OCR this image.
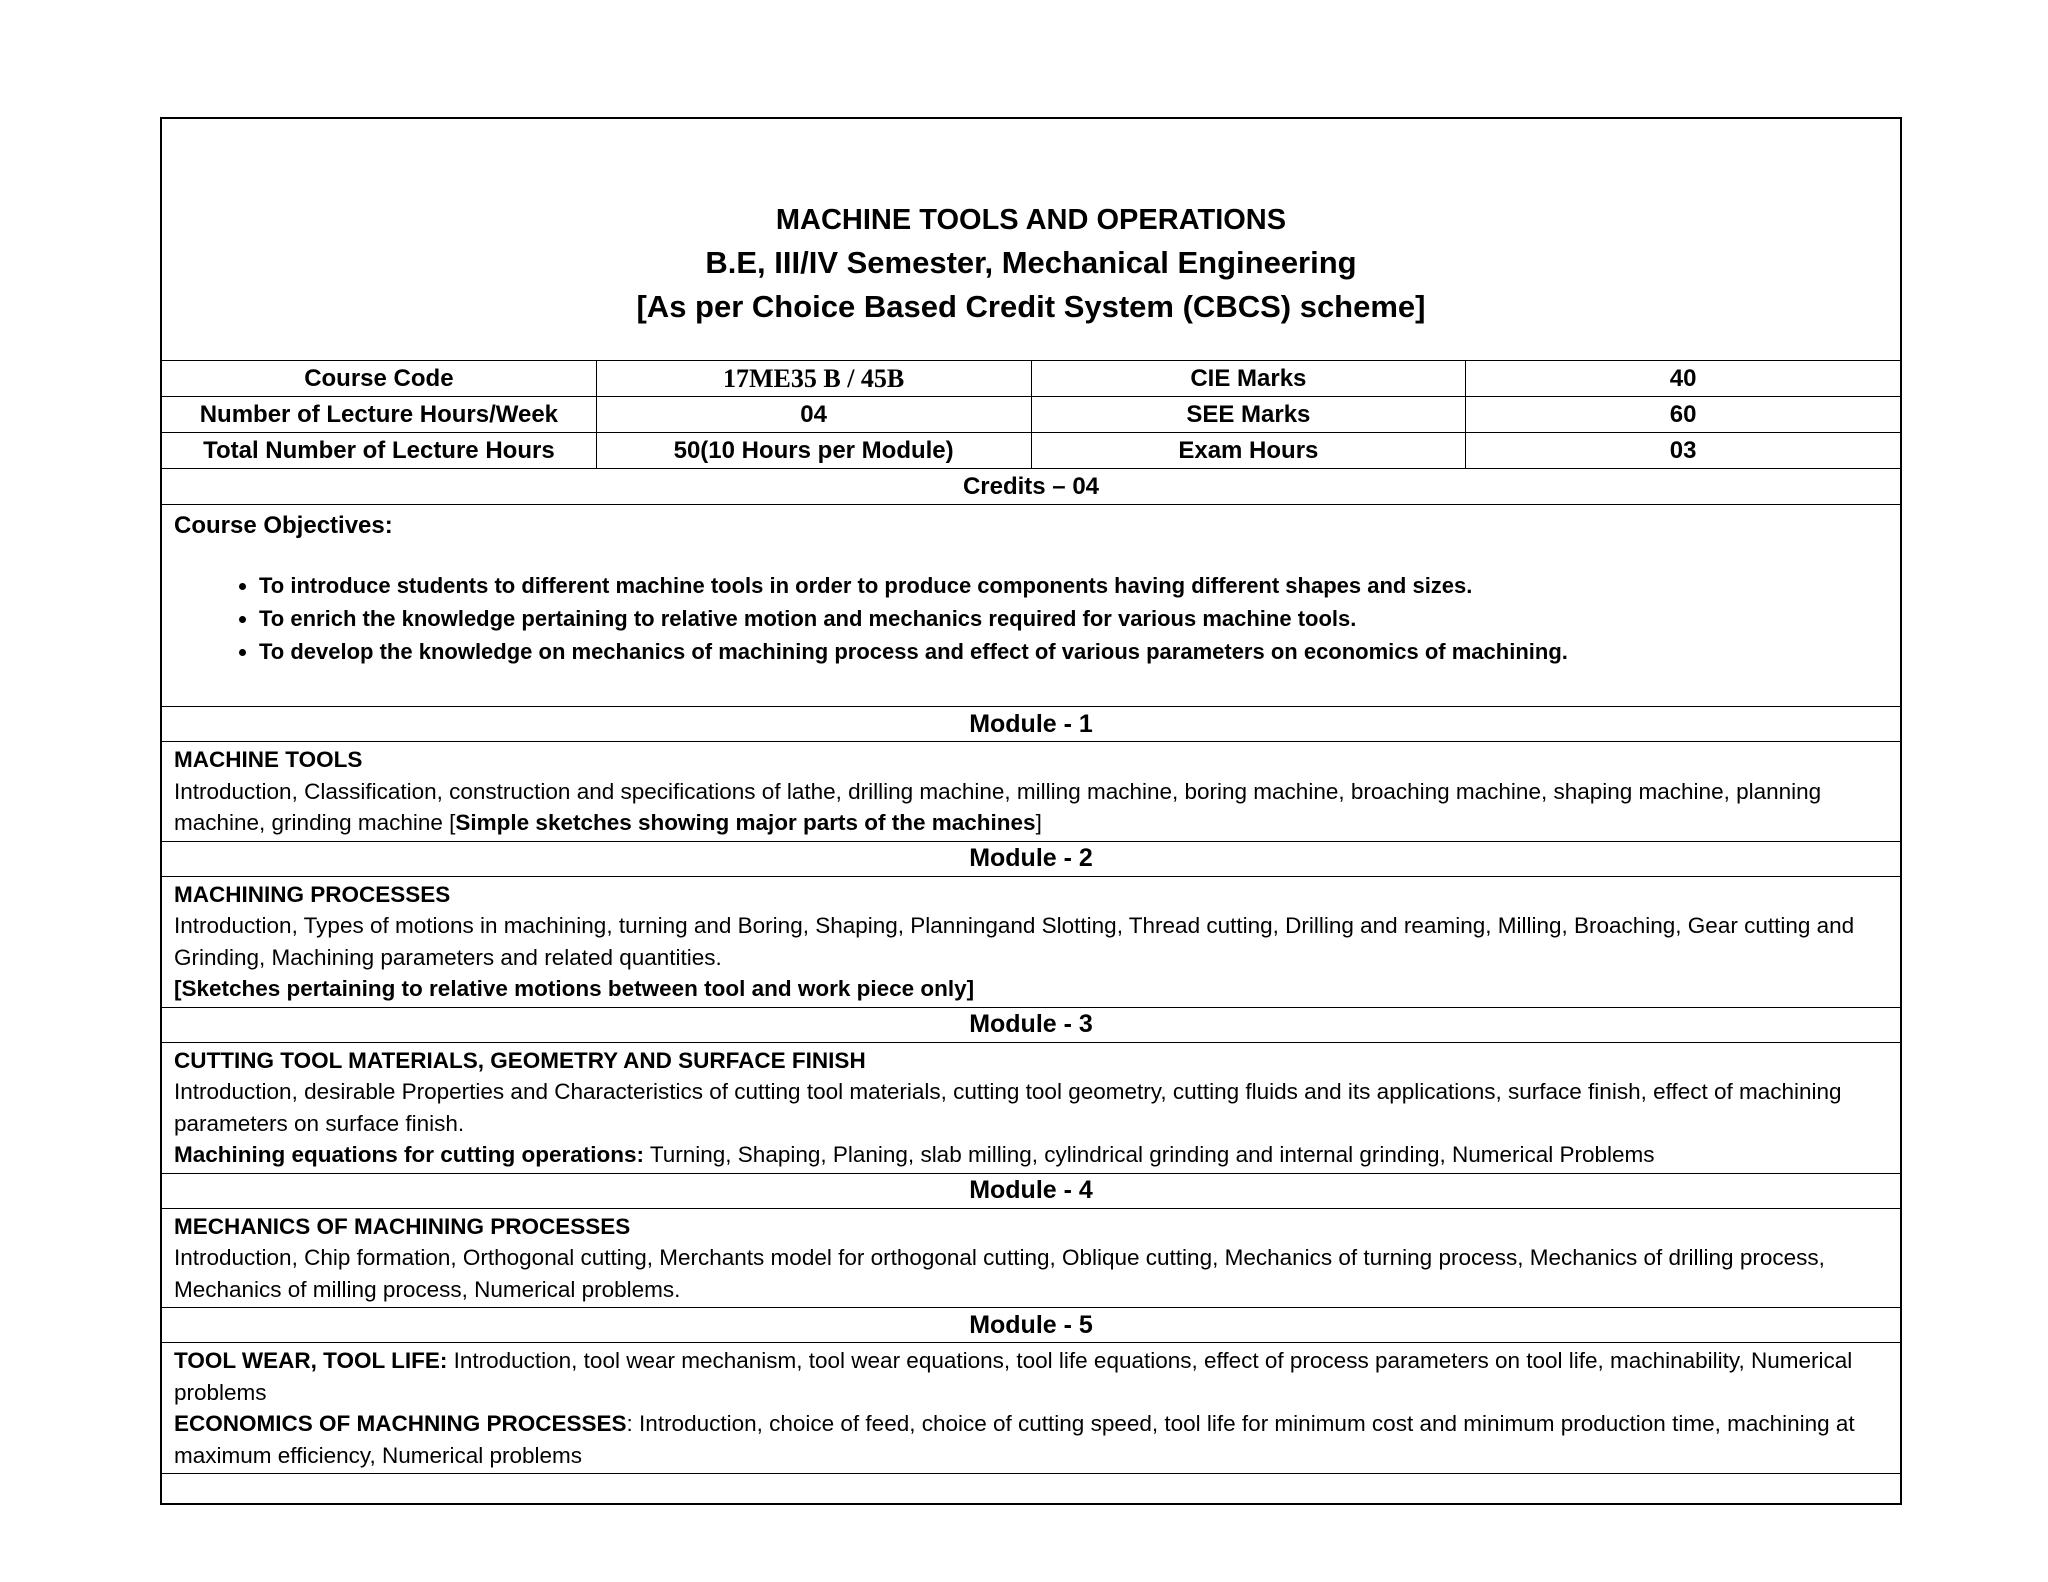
MACHINE TOOLS AND OPERATIONS
B.E, III/IV Semester, Mechanical Engineering
[As per Choice Based Credit System (CBCS) scheme]
Course Code	17ME35 B / 45B	CIE Marks	40
Number of Lecture Hours/Week	04	SEE Marks	60
Total Number of Lecture Hours	50(10 Hours per Module)	Exam Hours	03
Credits – 04
Course Objectives:
• To introduce students to different machine tools in order to produce components having different shapes and sizes.
• To enrich the knowledge pertaining to relative motion and mechanics required for various machine tools.
• To develop the knowledge on mechanics of machining process and effect of various parameters on economics of machining.
Module - 1
MACHINE TOOLS
Introduction, Classification, construction and specifications of lathe, drilling machine, milling machine, boring machine, broaching machine, shaping machine, planning machine, grinding machine [Simple sketches showing major parts of the machines]
Module - 2
MACHINING PROCESSES
Introduction, Types of motions in machining, turning and Boring, Shaping, Planningand Slotting, Thread cutting, Drilling and reaming, Milling, Broaching, Gear cutting and Grinding, Machining parameters and related quantities.
[Sketches pertaining to relative motions between tool and work piece only]
Module - 3
CUTTING TOOL MATERIALS, GEOMETRY AND SURFACE FINISH
Introduction, desirable Properties and Characteristics of cutting tool materials, cutting tool geometry, cutting fluids and its applications, surface finish, effect of machining parameters on surface finish.
Machining equations for cutting operations: Turning, Shaping, Planing, slab milling, cylindrical grinding and internal grinding, Numerical Problems
Module - 4
MECHANICS OF MACHINING PROCESSES
Introduction, Chip formation, Orthogonal cutting, Merchants model for orthogonal cutting, Oblique cutting, Mechanics of turning process, Mechanics of drilling process, Mechanics of milling process, Numerical problems.
Module - 5
TOOL WEAR, TOOL LIFE: Introduction, tool wear mechanism, tool wear equations, tool life equations, effect of process parameters on tool life, machinability, Numerical problems
ECONOMICS OF MACHNING PROCESSES: Introduction, choice of feed, choice of cutting speed, tool life for minimum cost and minimum production time, machining at maximum efficiency, Numerical problems
